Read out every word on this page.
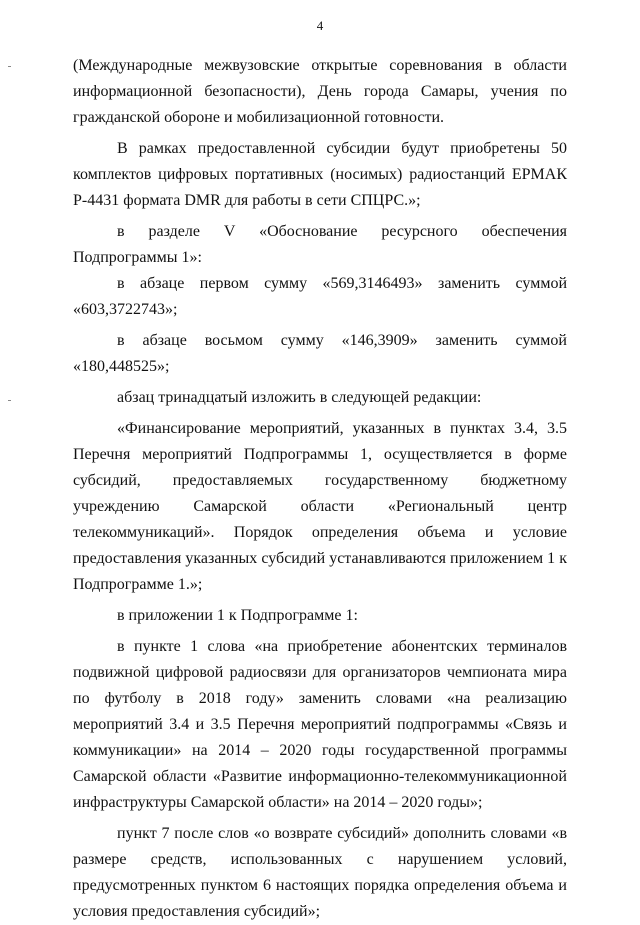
4

(Международные межвузовские открытые соревнования в области информационной безопасности), День города Самары, учения по гражданской обороне и мобилизационной готовности.

В рамках предоставленной субсидии будут приобретены 50 комплектов цифровых портативных (носимых) радиостанций ЕРМАК Р-4431 формата DMR для работы в сети СПЦРС.»;

в разделе V «Обоснование ресурсного обеспечения Подпрограммы 1»:

в абзаце первом сумму «569,3146493» заменить суммой «603,3722743»;

в абзаце восьмом сумму «146,3909» заменить суммой «180,448525»;

абзац тринадцатый изложить в следующей редакции:

«Финансирование мероприятий, указанных в пунктах 3.4, 3.5 Перечня мероприятий Подпрограммы 1, осуществляется в форме субсидий, предоставляемых государственному бюджетному учреждению Самарской области «Региональный центр телекоммуникаций». Порядок определения объема и условие предоставления указанных субсидий устанавливаются приложением 1 к Подпрограмме 1.»;

в приложении 1 к Подпрограмме 1:

в пункте 1 слова «на приобретение абонентских терминалов подвижной цифровой радиосвязи для организаторов чемпионата мира по футболу в 2018 году» заменить словами «на реализацию мероприятий 3.4 и 3.5 Перечня мероприятий подпрограммы «Связь и коммуникации» на 2014 – 2020 годы государственной программы Самарской области «Развитие информационно-телекоммуникационной инфраструктуры Самарской области» на 2014 – 2020 годы»;

пункт 7 после слов «о возврате субсидий» дополнить словами «в размере средств, использованных с нарушением условий, предусмотренных пунктом 6 настоящих порядка определения объема и условия предоставления субсидий»;
